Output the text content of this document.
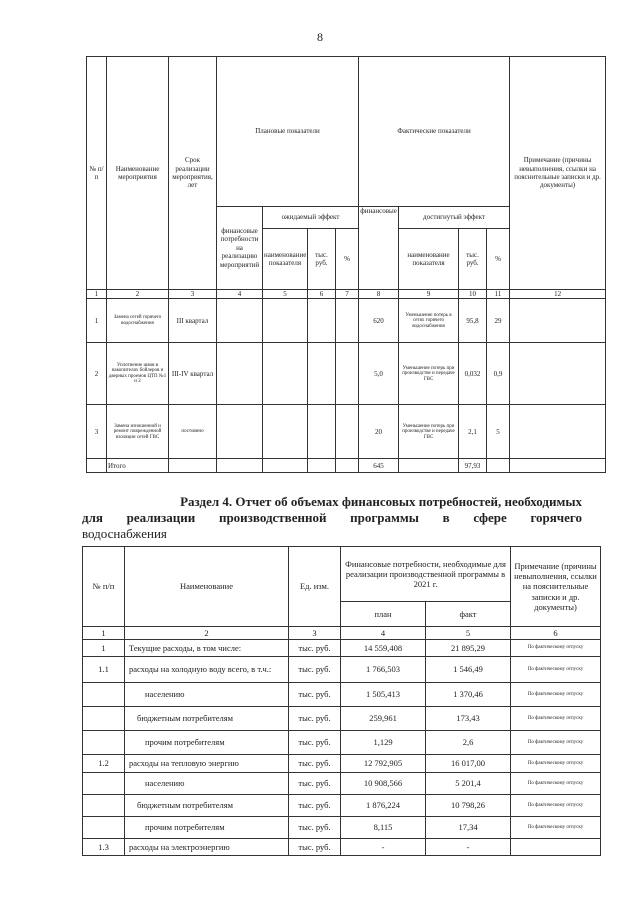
8
№ п/п	Наименование мероприятия	Срок реализации мероприятия, лет	Плановые показатели				Фактические показатели				Примечание (причины невыполнения, ссылки на пояснительные записки и др. документы)
			финансовые потребности на реализацию мероприятий	ожидаемый эффект			финансовые	достигнутый эффект			
				наименование показателя	тыс. руб.	%		наименование показателя	тыс. руб.	%	
1	2	3	4	5	6	7	8	9	10	11	12
1	Замена сетей горячего водоснабжения	III квартал					620	Уменьшение потерь в сетях горячего водоснабжения	95,8	29	
2	Уплотнение швов в накопителях бойлеров и дверных проемов ЦТП №1 и 2	III-IV квартал					5,0	Уменьшение потерь при производстве и передаче ГВС	0,032	0,9	
3	Замена изношенной и ремонт поврежденной изоляции сетей ГВС	постоянно					20	Уменьшение потерь при производстве и передаче ГВС	2,1	5	
	Итого						645		97,93		
Раздел 4. Отчет об объемах финансовых потребностей, необходимых
для реализации производственной программы в сфере горячего
водоснабжения
№ п/п	Наименование	Ед. изм.	Финансовые потребности, необходимые для реализации производственной программы в 2021 г.		Примечание (причины невыполнения, ссылки на пояснительные записки и др. документы)
			план	факт	
1	2	3	4	5	6
1	Текущие расходы, в том числе:	тыс. руб.	14 559,408	21 895,29	По фактическому отпуску
1.1	расходы на холодную воду всего, в т.ч.:	тыс. руб.	1 766,503	1 546,49	По фактическому отпуску
	населению	тыс. руб.	1 505,413	1 370,46	По фактическому отпуску
	бюджетным потребителям	тыс. руб.	259,961	173,43	По фактическому отпуску
	прочим потребителям	тыс. руб.	1,129	2,6	По фактическому отпуску
1.2	расходы на тепловую энергию	тыс. руб.	12 792,905	16 017,00	По фактическому отпуску
	населению	тыс. руб.	10 908,566	5 201,4	По фактическому отпуску
	бюджетным потребителям	тыс. руб.	1 876,224	10 798,26	По фактическому отпуску
	прочим потребителям	тыс. руб.	8,115	17,34	По фактическому отпуску
1.3	расходы на электроэнергию	тыс. руб.	-	-	
